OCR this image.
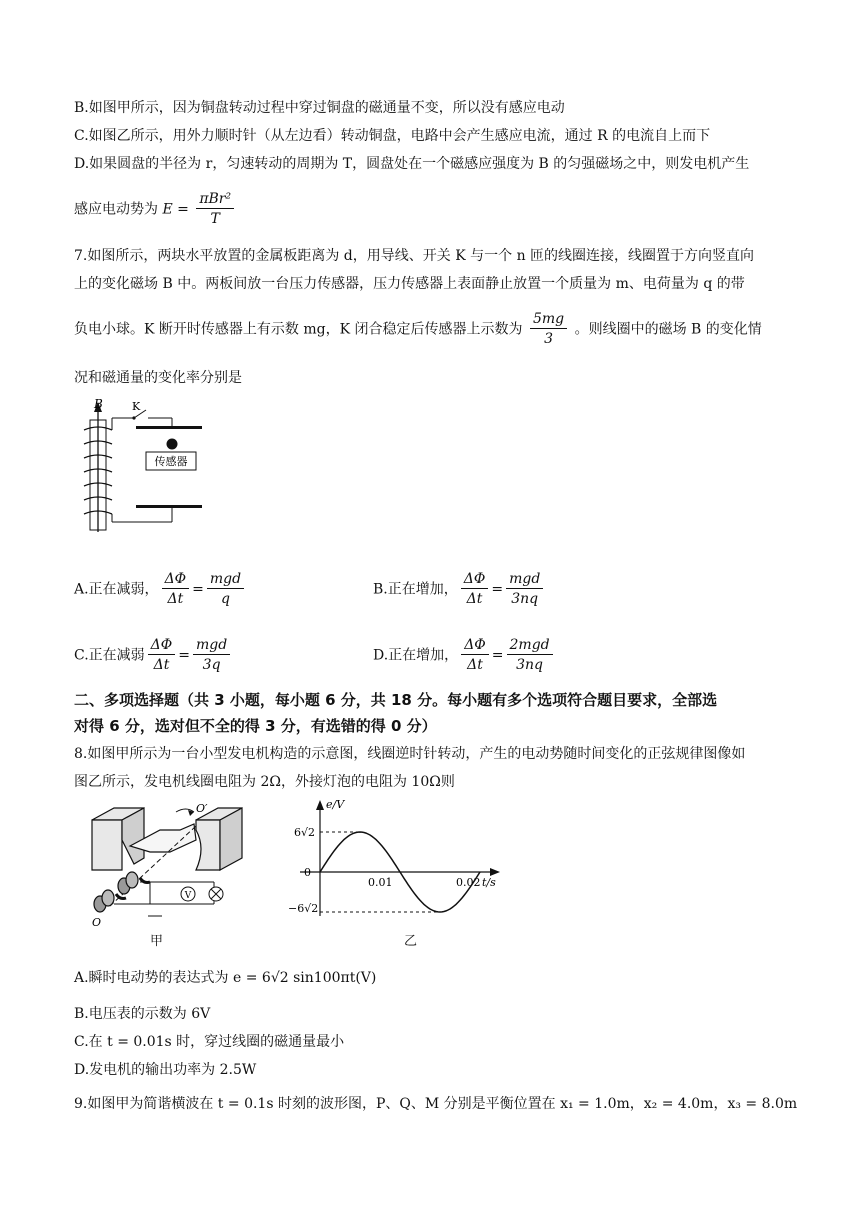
B.如图甲所示，因为铜盘转动过程中穿过铜盘的磁通量不变，所以没有感应电动
C.如图乙所示，用外力顺时针（从左边看）转动铜盘，电路中会产生感应电流，通过 R 的电流自上而下
D.如果圆盘的半径为 r，匀速转动的周期为 T，圆盘处在一个磁感应强度为 B 的匀强磁场之中，则发电机产生
感应电动势为 $E = \frac{\text{πBr²}}{T}$
7.如图所示，两块水平放置的金属板距离为 d，用导线、开关 K 与一个 n 匝的线圈连接，线圈置于方向竖直向
上的变化磁场 B 中。两板间放一台压力传感器，压力传感器上表面静止放置一个质量为 m、电荷量为 q 的带
负电小球。K 断开时传感器上有示数 mg，K 闭合稳定后传感器上示数为 $\frac{5mg}{3}$ 。则线圈中的磁场 B 的变化情
况和磁通量的变化率分别是
B	K
传感器
A.正在减弱， $\frac{\Delta\Phi}{\Delta t} = \frac{\text{mgd}}{q}$	B.正在增加， $\frac{\Delta\Phi}{\Delta t} = \frac{\text{mgd}}{3nq}$
C.正在减弱 $\frac{\Delta\Phi}{\Delta t} = \frac{\text{mgd}}{3q}$	D.正在增加， $\frac{\Delta\Phi}{\Delta t} = \frac{\text{2mgd}}{3nq}$
二、多项选择题（共 3 小题，每小题 6 分，共 18 分。每小题有多个选项符合题目要求，全部选
对得 6 分，选对但不全的得 3 分，有选错的得 0 分）
8.如图甲所示为一台小型发电机构造的示意图，线圈逆时针转动，产生的电动势随时间变化的正弦规律图像如
图乙所示，发电机线圈电阻为 2Ω，外接灯泡的电阻为 10Ω则
O′
V
O
甲
e/V
t/s
0
6√2
−6√2
0.01	0.02
乙
A.瞬时电动势的表达式为 e = 6√2 sin100πt(V)
B.电压表的示数为 6V
C.在 t = 0.01s 时，穿过线圈的磁通量最小
D.发电机的输出功率为 2.5W
9.如图甲为简谐横波在 t = 0.1s 时刻的波形图，P、Q、M 分别是平衡位置在 x₁ = 1.0m，x₂ = 4.0m，x₃ = 8.0m
